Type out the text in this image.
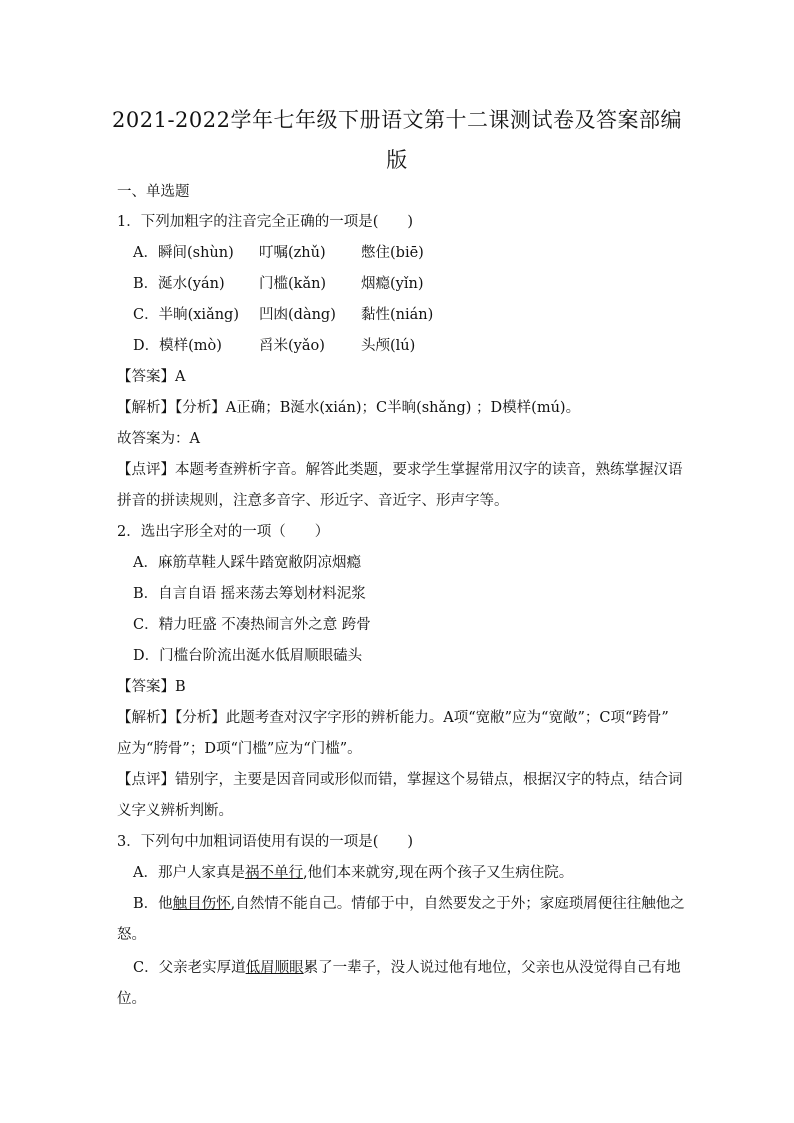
2021-2022学年七年级下册语文第十二课测试卷及答案部编版
一、单选题
1．下列加粗字的注音完全正确的一项是(　　)
A．瞬间(shùn) 叮嘱(zhǔ) 憋住(biē)
B．涎水(yán) 门槛(kǎn) 烟瘾(yǐn)
C．半晌(xiǎng) 凹凼(dàng) 黏性(nián)
D．模样(mò)	舀米(yǎo) 头颅(lú)
【答案】A
【解析】【分析】A正确；B涎水(xián)；C半晌(shǎng) ；D模样(mú)。
故答案为：A
【点评】本题考查辨析字音。解答此类题，要求学生掌握常用汉字的读音，熟练掌握汉语
拼音的拼读规则，注意多音字、形近字、音近字、形声字等。
2．选出字形全对的一项（　　）
A．麻筋草鞋人踩牛踏宽敝阴凉烟瘾
B．自言自语 摇来荡去筹划材料泥浆
C．精力旺盛 不凑热闹言外之意 跨骨
D．门槛台阶流出涎水低眉顺眼磕头
【答案】B
【解析】【分析】此题考查对汉字字形的辨析能力。A项“宽敝”应为“宽敞”；C项“跨骨”
应为“胯骨”；D项“门槛”应为“门槛”。
【点评】错别字，主要是因音同或形似而错，掌握这个易错点，根据汉字的特点，结合词
义字义辨析判断。
3．下列句中加粗词语使用有误的一项是(　　)
A．那户人家真是祸不单行,他们本来就穷,现在两个孩子又生病住院。
B．他触目伤怀,自然情不能自己。情郁于中，自然要发之于外；家庭琐屑便往往触他之
怒。
C．父亲老实厚道低眉顺眼累了一辈子，没人说过他有地位，父亲也从没觉得自己有地
位。
